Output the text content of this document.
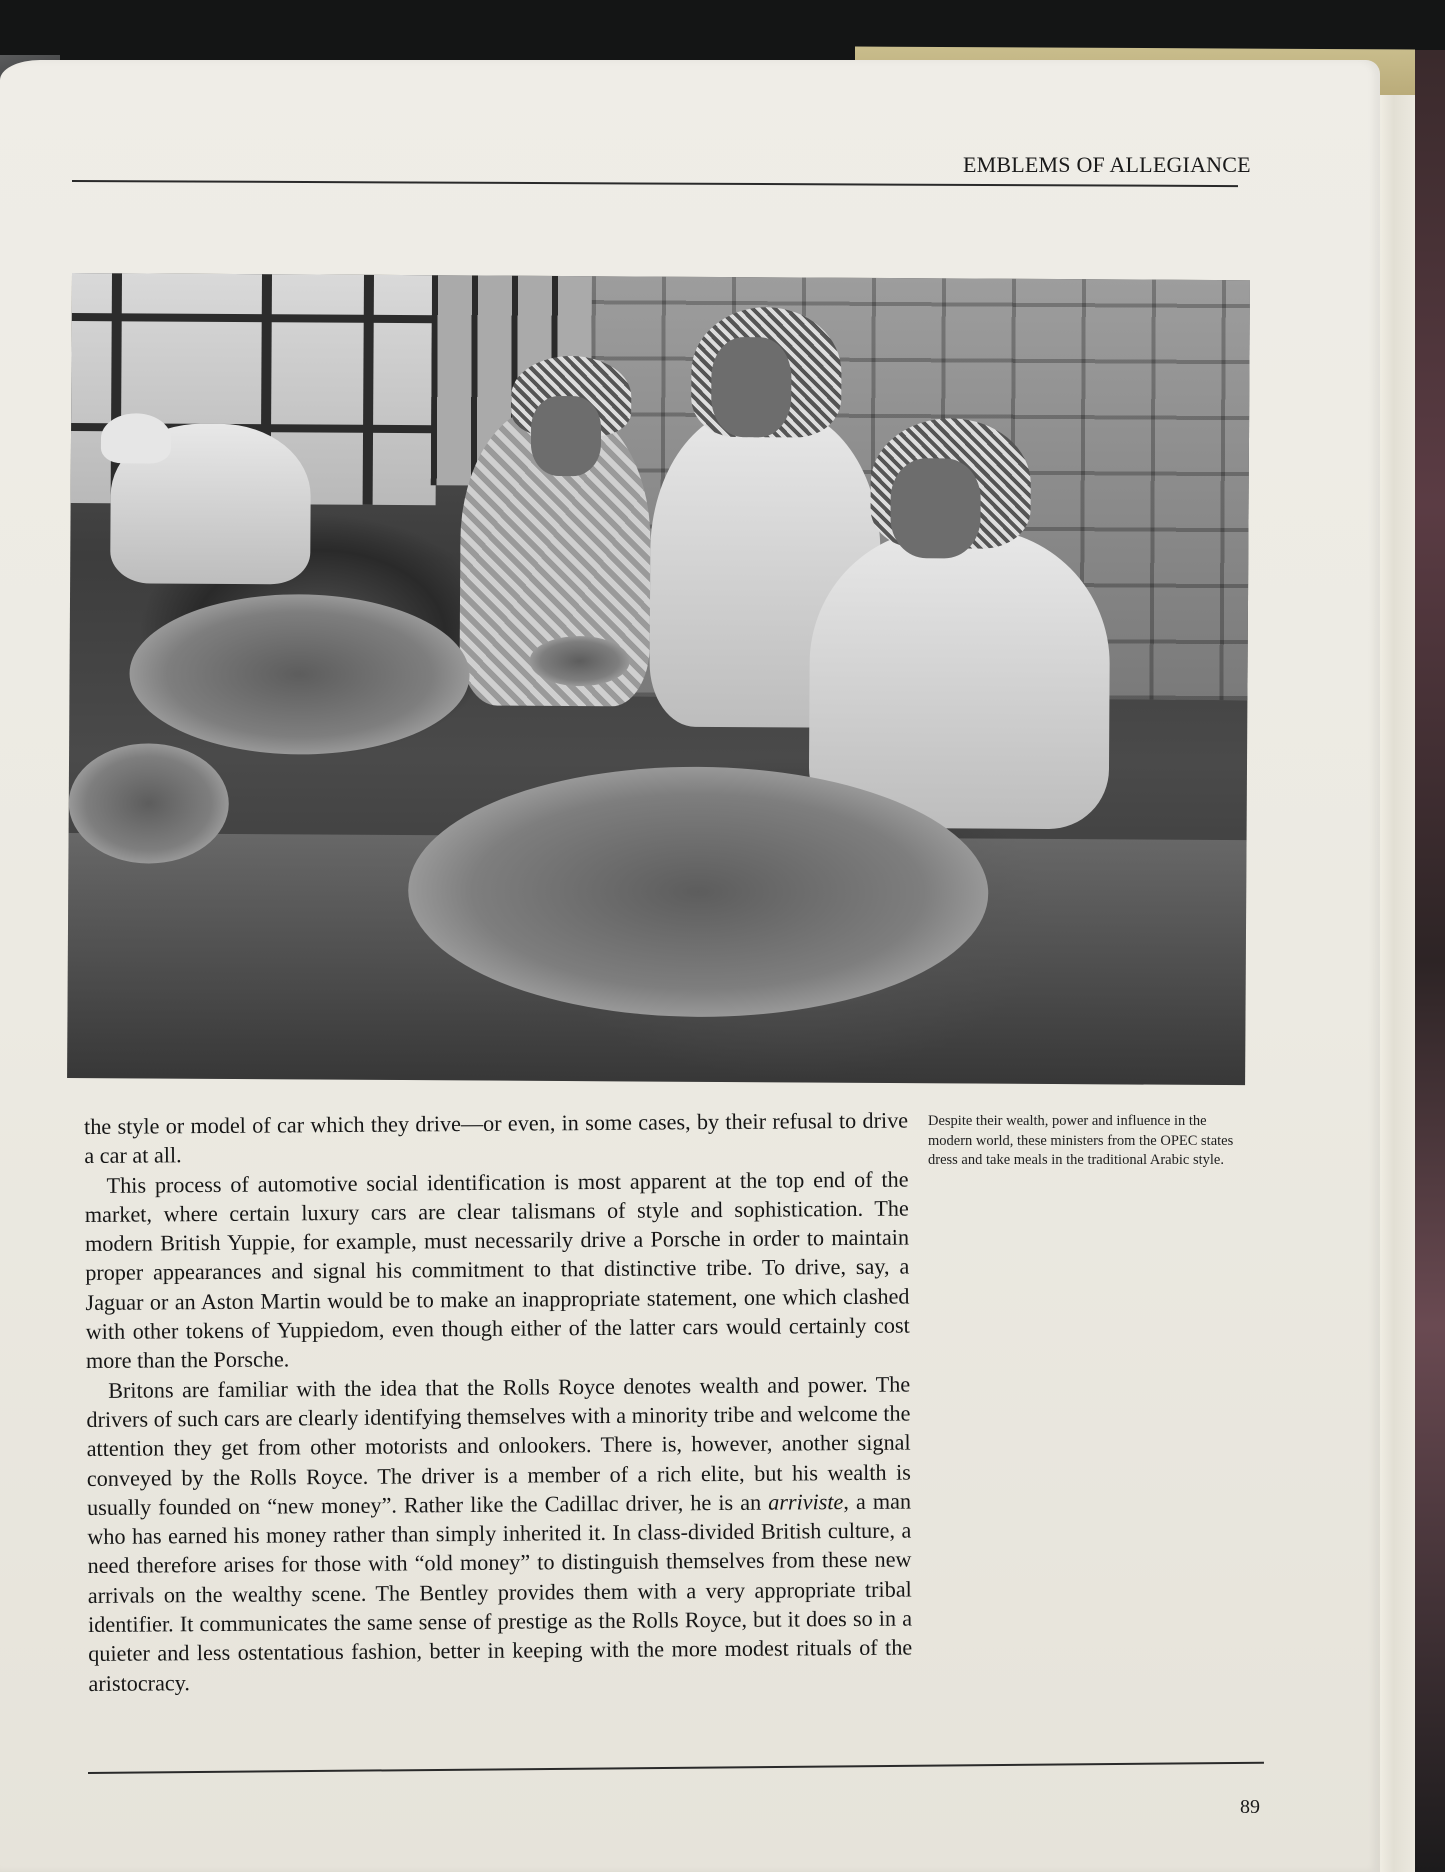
EMBLEMS OF ALLEGIANCE

the style or model of car which they drive—or even, in some cases, by their refusal to drive a car at all.

This process of automotive social identification is most apparent at the top end of the market, where certain luxury cars are clear talismans of style and sophistication. The modern British Yuppie, for example, must necessarily drive a Porsche in order to maintain proper appearances and signal his commitment to that distinctive tribe. To drive, say, a Jaguar or an Aston Martin would be to make an inappropriate statement, one which clashed with other tokens of Yuppiedom, even though either of the latter cars would certainly cost more than the Porsche.

Britons are familiar with the idea that the Rolls Royce denotes wealth and power. The drivers of such cars are clearly identifying themselves with a minority tribe and welcome the attention they get from other motorists and onlookers. There is, however, another signal conveyed by the Rolls Royce. The driver is a member of a rich elite, but his wealth is usually founded on “new money”. Rather like the Cadillac driver, he is an arriviste, a man who has earned his money rather than simply inherited it. In class-divided British culture, a need therefore arises for those with “old money” to distinguish themselves from these new arrivals on the wealthy scene. The Bentley provides them with a very appropriate tribal identifier. It communicates the same sense of prestige as the Rolls Royce, but it does so in a quieter and less ostentatious fashion, better in keeping with the more modest rituals of the aristocracy.

Despite their wealth, power and influence in the modern world, these ministers from the OPEC states dress and take meals in the traditional Arabic style.
89
